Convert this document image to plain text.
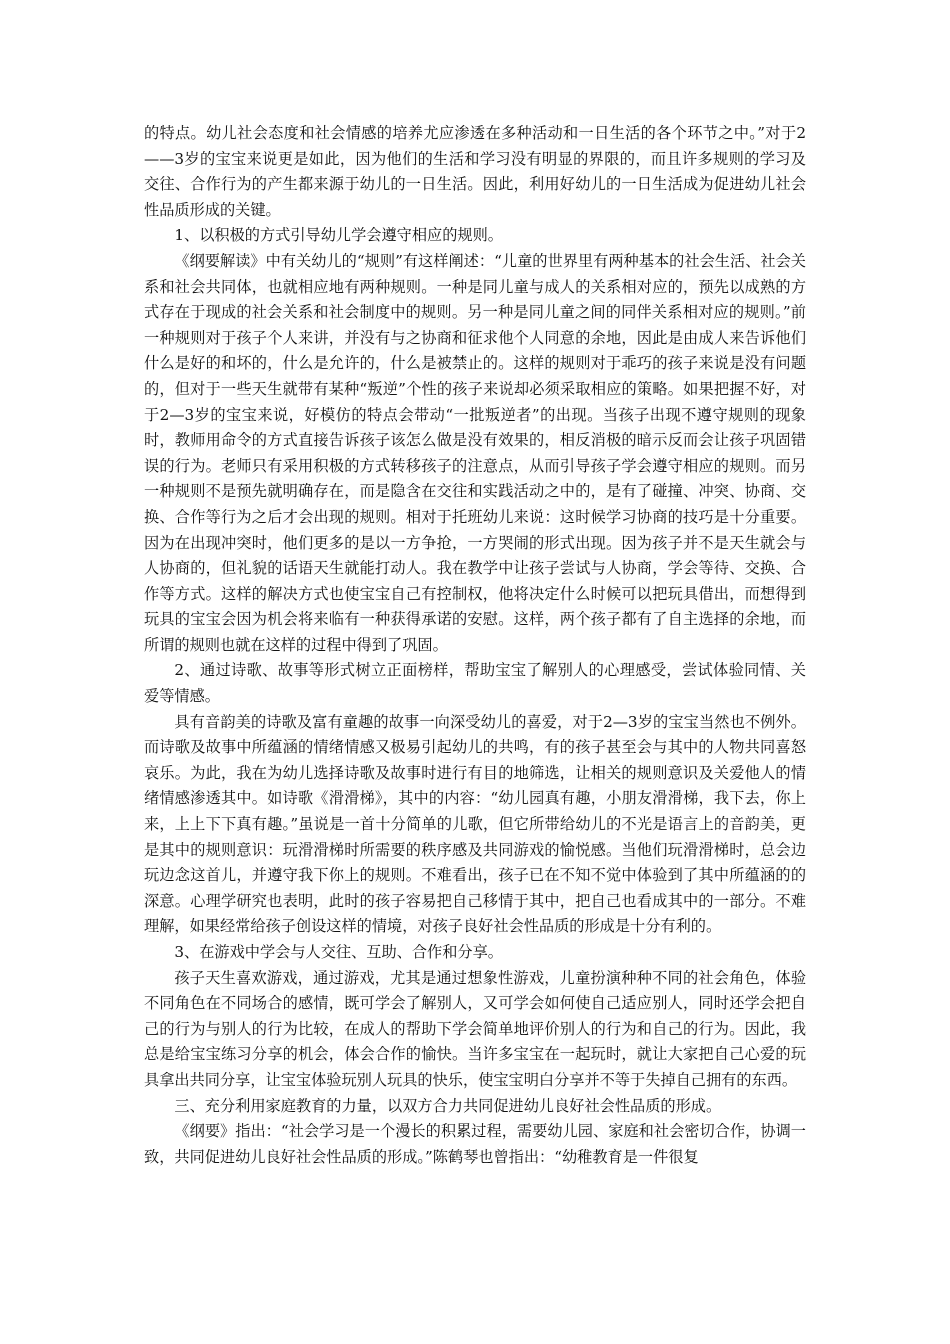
的特点。幼儿社会态度和社会情感的培养尤应渗透在多种活动和一日生活的各个环节之中。”对于2——3岁的宝宝来说更是如此，因为他们的生活和学习没有明显的界限的，而且许多规则的学习及交往、合作行为的产生都来源于幼儿的一日生活。因此，利用好幼儿的一日生活成为促进幼儿社会性品质形成的关键。

1、以积极的方式引导幼儿学会遵守相应的规则。

《纲要解读》中有关幼儿的“规则”有这样阐述：“儿童的世界里有两种基本的社会生活、社会关系和社会共同体，也就相应地有两种规则。一种是同儿童与成人的关系相对应的，预先以成熟的方式存在于现成的社会关系和社会制度中的规则。另一种是同儿童之间的同伴关系相对应的规则。”前一种规则对于孩子个人来讲，并没有与之协商和征求他个人同意的余地，因此是由成人来告诉他们什么是好的和坏的，什么是允许的，什么是被禁止的。这样的规则对于乖巧的孩子来说是没有问题的，但对于一些天生就带有某种“叛逆”个性的孩子来说却必须采取相应的策略。如果把握不好，对于2—3岁的宝宝来说，好模仿的特点会带动“一批叛逆者”的出现。当孩子出现不遵守规则的现象时，教师用命令的方式直接告诉孩子该怎么做是没有效果的，相反消极的暗示反而会让孩子巩固错误的行为。老师只有采用积极的方式转移孩子的注意点，从而引导孩子学会遵守相应的规则。而另一种规则不是预先就明确存在，而是隐含在交往和实践活动之中的，是有了碰撞、冲突、协商、交换、合作等行为之后才会出现的规则。相对于托班幼儿来说：这时候学习协商的技巧是十分重要。因为在出现冲突时，他们更多的是以一方争抢，一方哭闹的形式出现。因为孩子并不是天生就会与人协商的，但礼貌的话语天生就能打动人。我在教学中让孩子尝试与人协商，学会等待、交换、合作等方式。这样的解决方式也使宝宝自己有控制权，他将决定什么时候可以把玩具借出，而想得到玩具的宝宝会因为机会将来临有一种获得承诺的安慰。这样，两个孩子都有了自主选择的余地，而所谓的规则也就在这样的过程中得到了巩固。

2、通过诗歌、故事等形式树立正面榜样，帮助宝宝了解别人的心理感受，尝试体验同情、关爱等情感。

具有音韵美的诗歌及富有童趣的故事一向深受幼儿的喜爱，对于2—3岁的宝宝当然也不例外。而诗歌及故事中所蕴涵的情绪情感又极易引起幼儿的共鸣，有的孩子甚至会与其中的人物共同喜怒哀乐。为此，我在为幼儿选择诗歌及故事时进行有目的地筛选，让相关的规则意识及关爱他人的情绪情感渗透其中。如诗歌《滑滑梯》，其中的内容：“幼儿园真有趣，小朋友滑滑梯，我下去，你上来，上上下下真有趣。”虽说是一首十分简单的儿歌，但它所带给幼儿的不光是语言上的音韵美，更是其中的规则意识：玩滑滑梯时所需要的秩序感及共同游戏的愉悦感。当他们玩滑滑梯时，总会边玩边念这首儿，并遵守我下你上的规则。不难看出，孩子已在不知不觉中体验到了其中所蕴涵的的深意。心理学研究也表明，此时的孩子容易把自己移情于其中，把自己也看成其中的一部分。不难理解，如果经常给孩子创设这样的情境，对孩子良好社会性品质的形成是十分有利的。

3、在游戏中学会与人交往、互助、合作和分享。

孩子天生喜欢游戏，通过游戏，尤其是通过想象性游戏，儿童扮演种种不同的社会角色，体验不同角色在不同场合的感情，既可学会了解别人，又可学会如何使自己适应别人，同时还学会把自己的行为与别人的行为比较，在成人的帮助下学会简单地评价别人的行为和自己的行为。因此，我总是给宝宝练习分享的机会，体会合作的愉快。当许多宝宝在一起玩时，就让大家把自己心爱的玩具拿出共同分享，让宝宝体验玩别人玩具的快乐，使宝宝明白分享并不等于失掉自己拥有的东西。

三、充分利用家庭教育的力量，以双方合力共同促进幼儿良好社会性品质的形成。

《纲要》指出：“社会学习是一个漫长的积累过程，需要幼儿园、家庭和社会密切合作，协调一致，共同促进幼儿良好社会性品质的形成。”陈鹤琴也曾指出：“幼稚教育是一件很复
